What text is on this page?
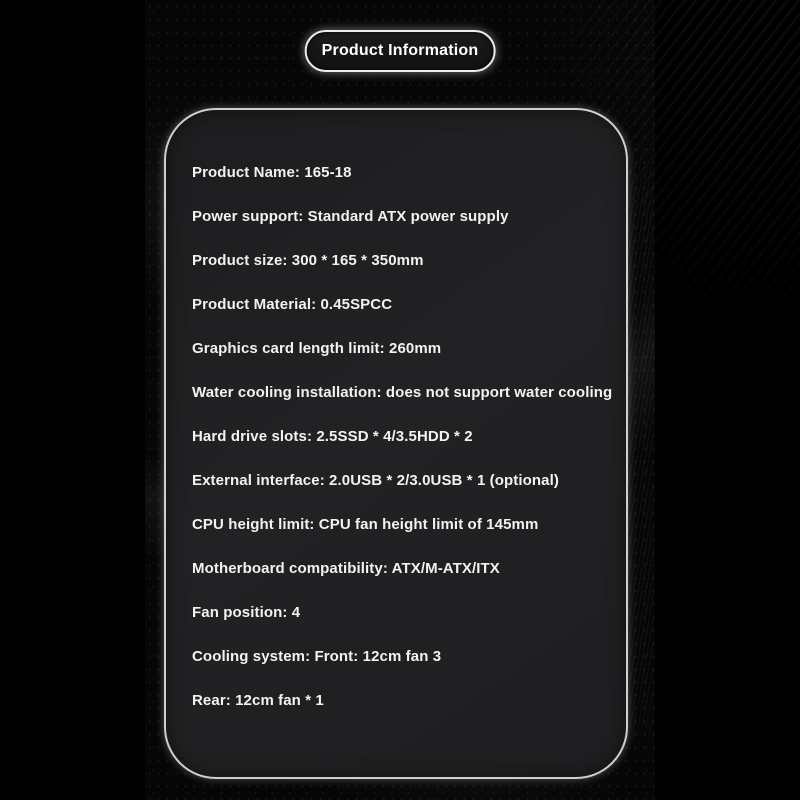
Product Information
Product Name: 165-18
Power support: Standard ATX power supply
Product size: 300 * 165 * 350mm
Product Material: 0.45SPCC
Graphics card length limit: 260mm
Water cooling installation: does not support water cooling
Hard drive slots: 2.5SSD * 4/3.5HDD * 2
External interface: 2.0USB * 2/3.0USB * 1 (optional)
CPU height limit: CPU fan height limit of 145mm
Motherboard compatibility: ATX/M-ATX/ITX
Fan position: 4
Cooling system: Front: 12cm fan 3
Rear: 12cm fan * 1
